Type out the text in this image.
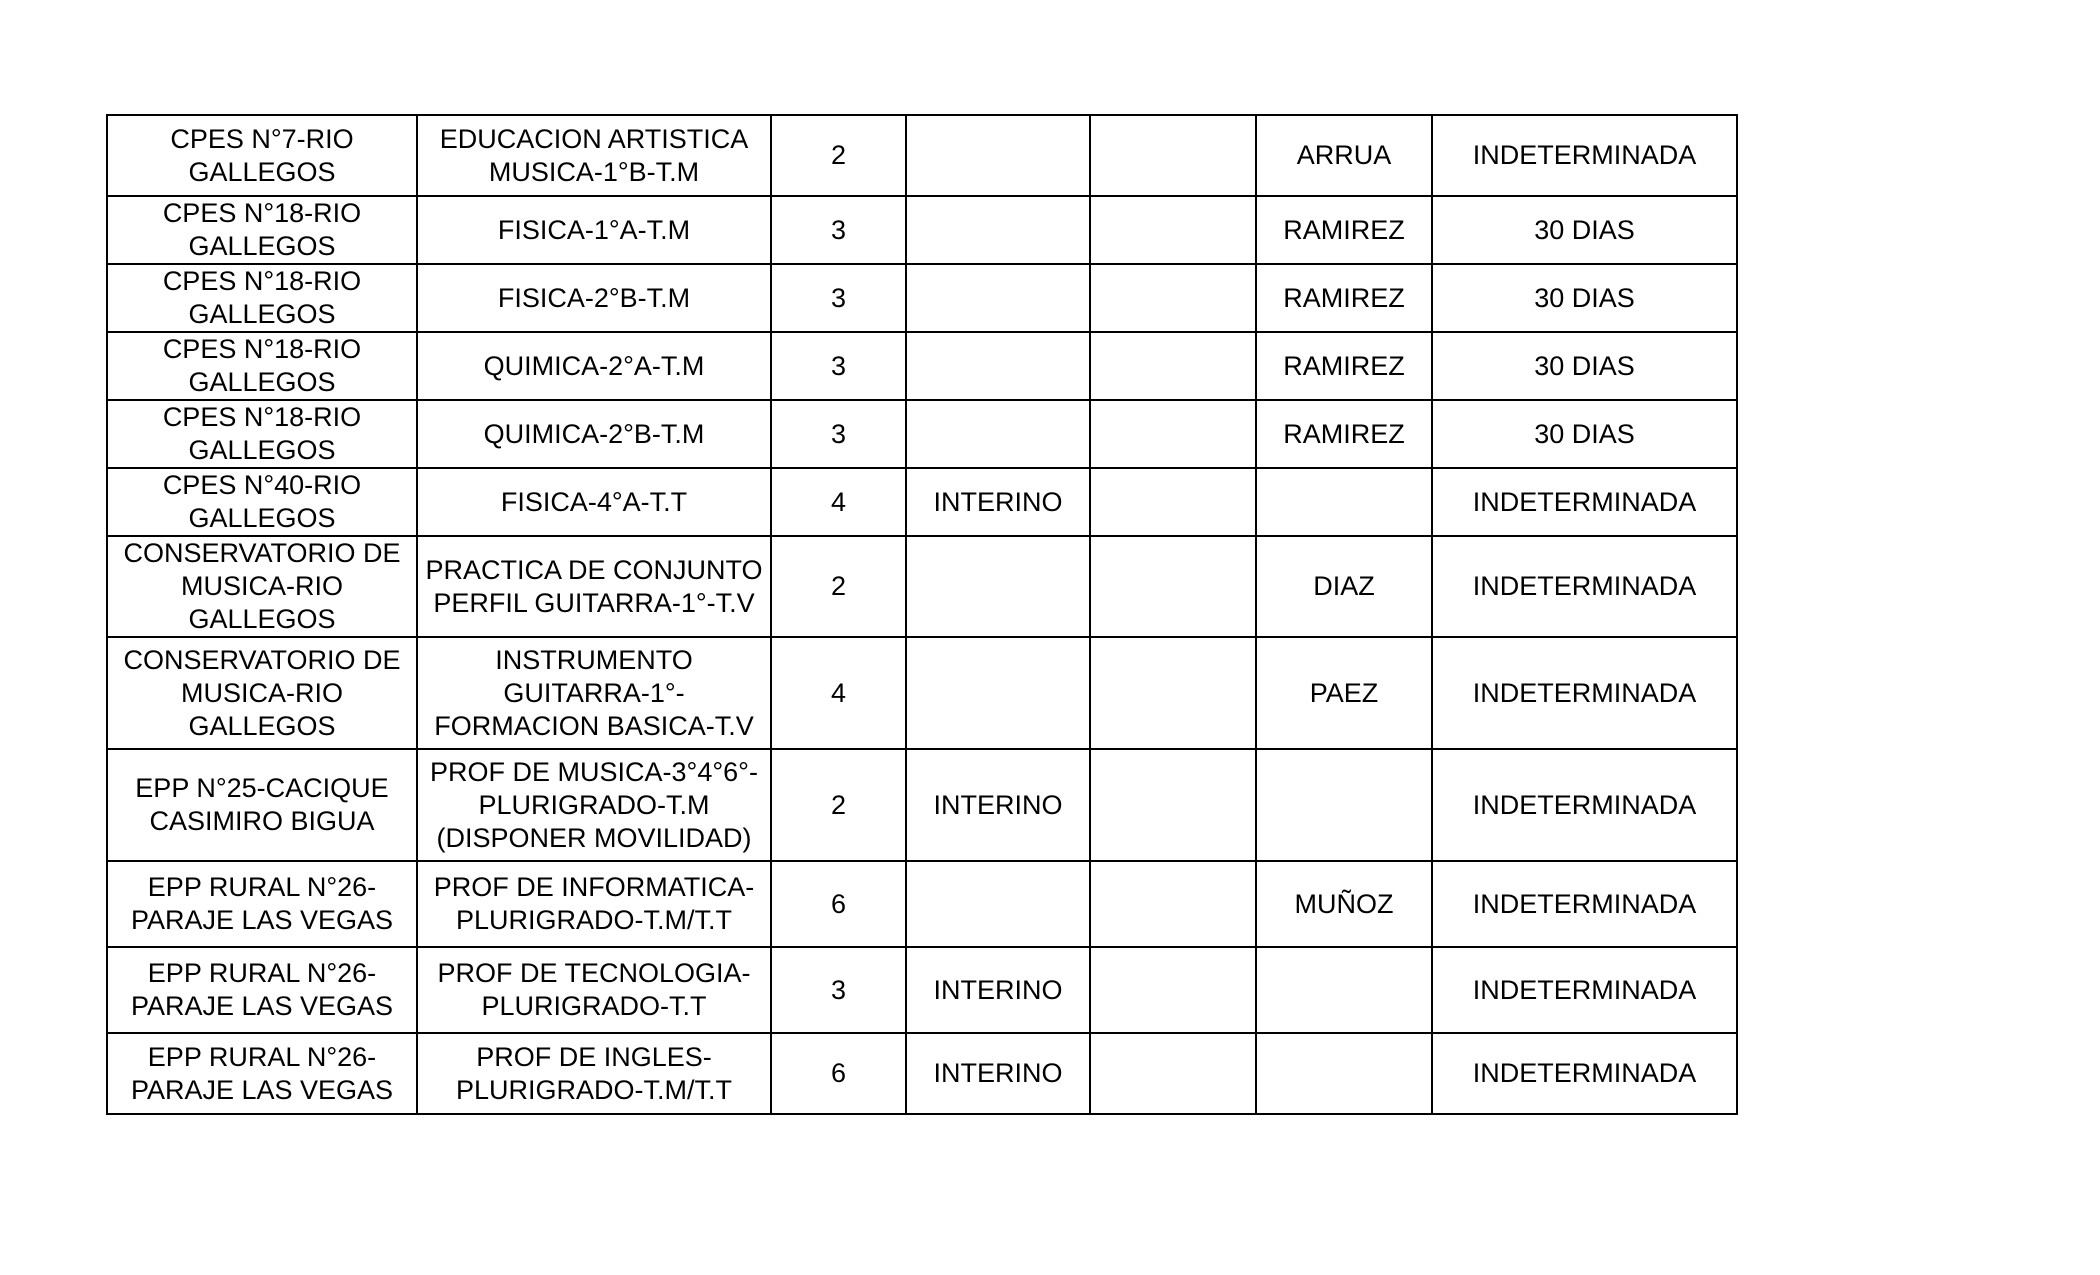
CPES N°7-RIO
GALLEGOS	EDUCACION ARTISTICA
MUSICA-1°B-T.M	2			ARRUA	INDETERMINADA
CPES N°18-RIO
GALLEGOS	FISICA-1°A-T.M	3			RAMIREZ	30 DIAS
CPES N°18-RIO
GALLEGOS	FISICA-2°B-T.M	3			RAMIREZ	30 DIAS
CPES N°18-RIO
GALLEGOS	QUIMICA-2°A-T.M	3			RAMIREZ	30 DIAS
CPES N°18-RIO
GALLEGOS	QUIMICA-2°B-T.M	3			RAMIREZ	30 DIAS
CPES N°40-RIO
GALLEGOS	FISICA-4°A-T.T	4	INTERINO			INDETERMINADA
CONSERVATORIO DE
MUSICA-RIO
GALLEGOS	PRACTICA DE CONJUNTO
PERFIL GUITARRA-1°-T.V	2			DIAZ	INDETERMINADA
CONSERVATORIO DE
MUSICA-RIO
GALLEGOS	INSTRUMENTO
GUITARRA-1°-
FORMACION BASICA-T.V	4			PAEZ	INDETERMINADA
EPP N°25-CACIQUE
CASIMIRO BIGUA	PROF DE MUSICA-3°4°6°-
PLURIGRADO-T.M
(DISPONER MOVILIDAD)	2	INTERINO			INDETERMINADA
EPP RURAL N°26-
PARAJE LAS VEGAS	PROF DE INFORMATICA-
PLURIGRADO-T.M/T.T	6			MUÑOZ	INDETERMINADA
EPP RURAL N°26-
PARAJE LAS VEGAS	PROF DE TECNOLOGIA-
PLURIGRADO-T.T	3	INTERINO			INDETERMINADA
EPP RURAL N°26-
PARAJE LAS VEGAS	PROF DE INGLES-
PLURIGRADO-T.M/T.T	6	INTERINO			INDETERMINADA
